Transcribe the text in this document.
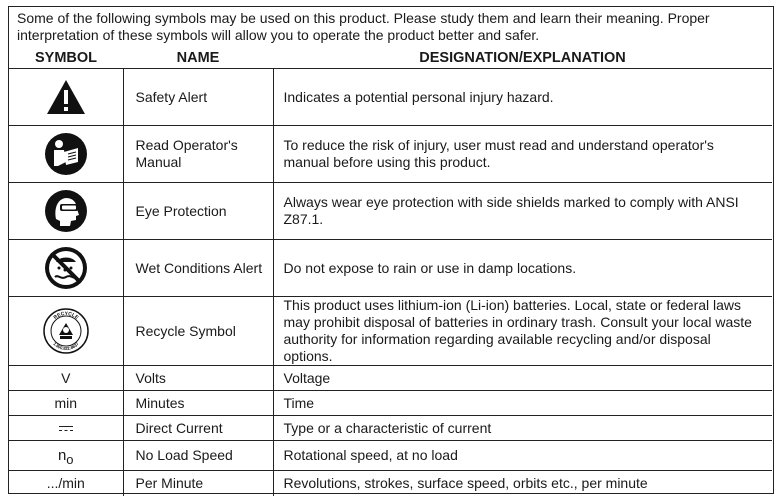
Some of the following symbols may be used on this product. Please study them and learn their meaning. Proper interpretation of these symbols will allow you to operate the product better and safer.
SYMBOL	NAME	DESIGNATION/EXPLANATION
	Safety Alert	Indicates a potential personal injury hazard.
	Read Operator's Manual	To reduce the risk of injury, user must read and understand operator's manual before using this product.
	Eye Protection	Always wear eye protection with side shields marked to comply with ANSI Z87.1.
	Wet Conditions Alert	Do not expose to rain or use in damp locations.

RECYCLE
1.800.822.8837	Recycle Symbol	This product uses lithium-ion (Li-ion) batteries. Local, state or federal laws may prohibit disposal of batteries in ordinary trash. Consult your local waste authority for information regarding available recycling and/or disposal options.
V	Volts	Voltage
min	Minutes	Time

	Direct Current	Type or a characteristic of current
no	No Load Speed	Rotational speed, at no load
.../min	Per Minute	Revolutions, strokes, surface speed, orbits etc., per minute
